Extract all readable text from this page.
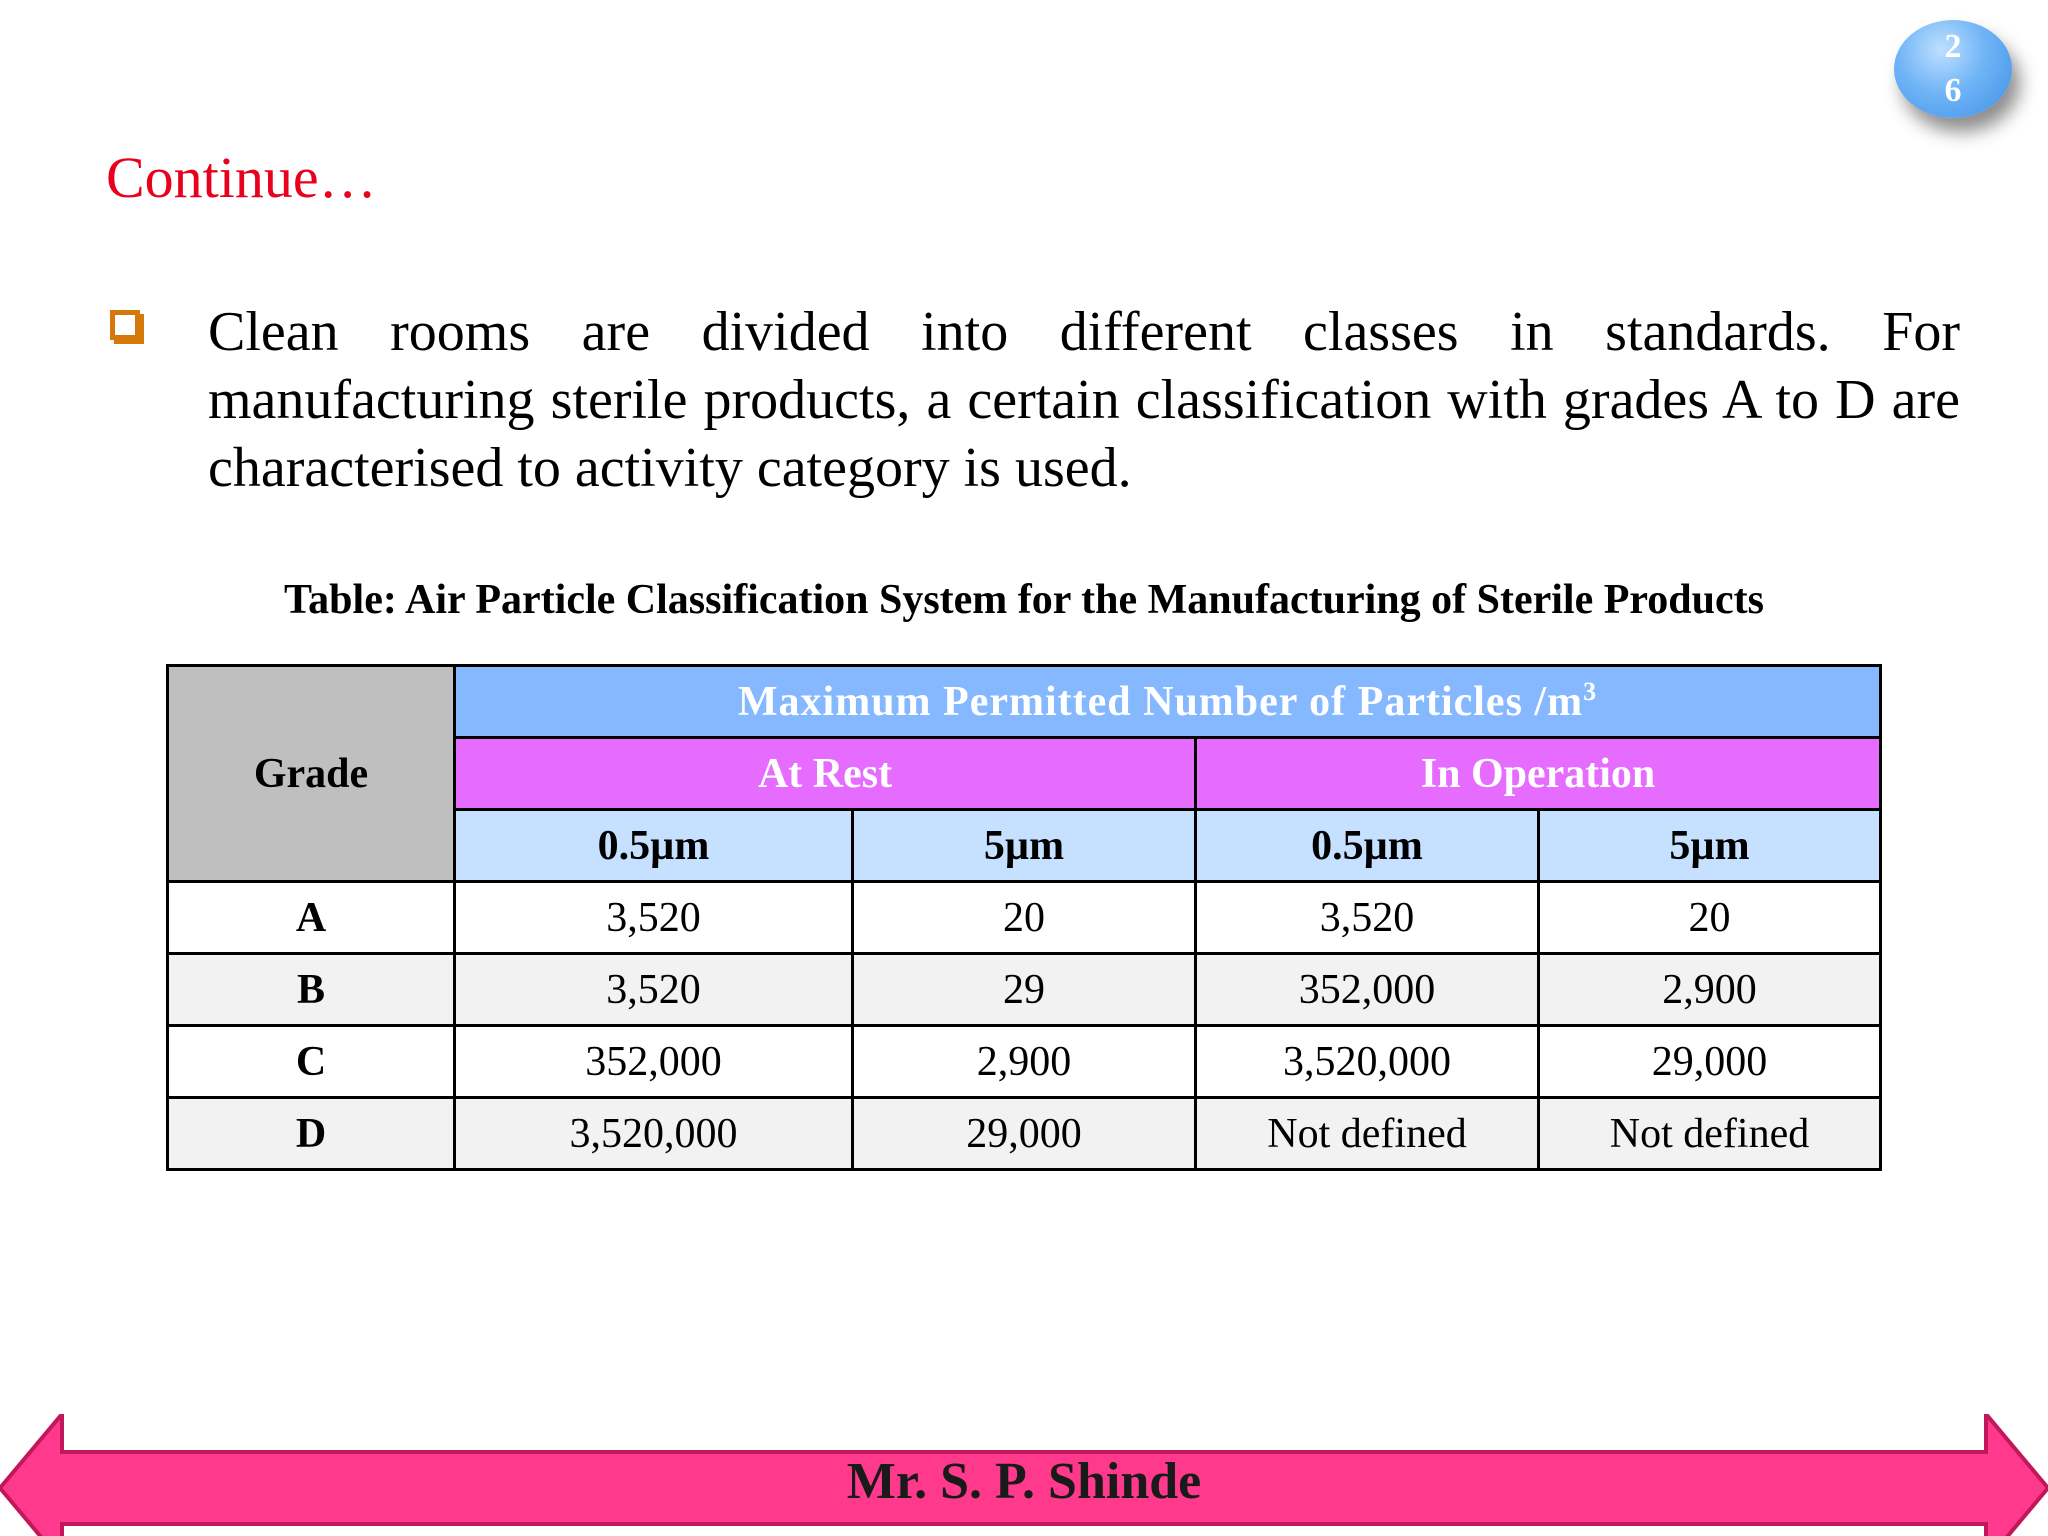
2
6
Continue…
Clean rooms are divided into different classes in standards. For manufacturing sterile products, a certain classification with grades A to D are characterised to activity category is used.
Table: Air Particle Classification System for the Manufacturing of Sterile Products
Grade	Maximum Permitted Number of Particles $/m^3$
	At Rest		In Operation	
	0.5µm	5µm	0.5µm	5µm
A	3,520	20	3,520	20
B	3,520	29	352,000	2,900
C	352,000	2,900	3,520,000	29,000
D	3,520,000	29,000	Not defined	Not defined
Mr. S. P. Shinde
